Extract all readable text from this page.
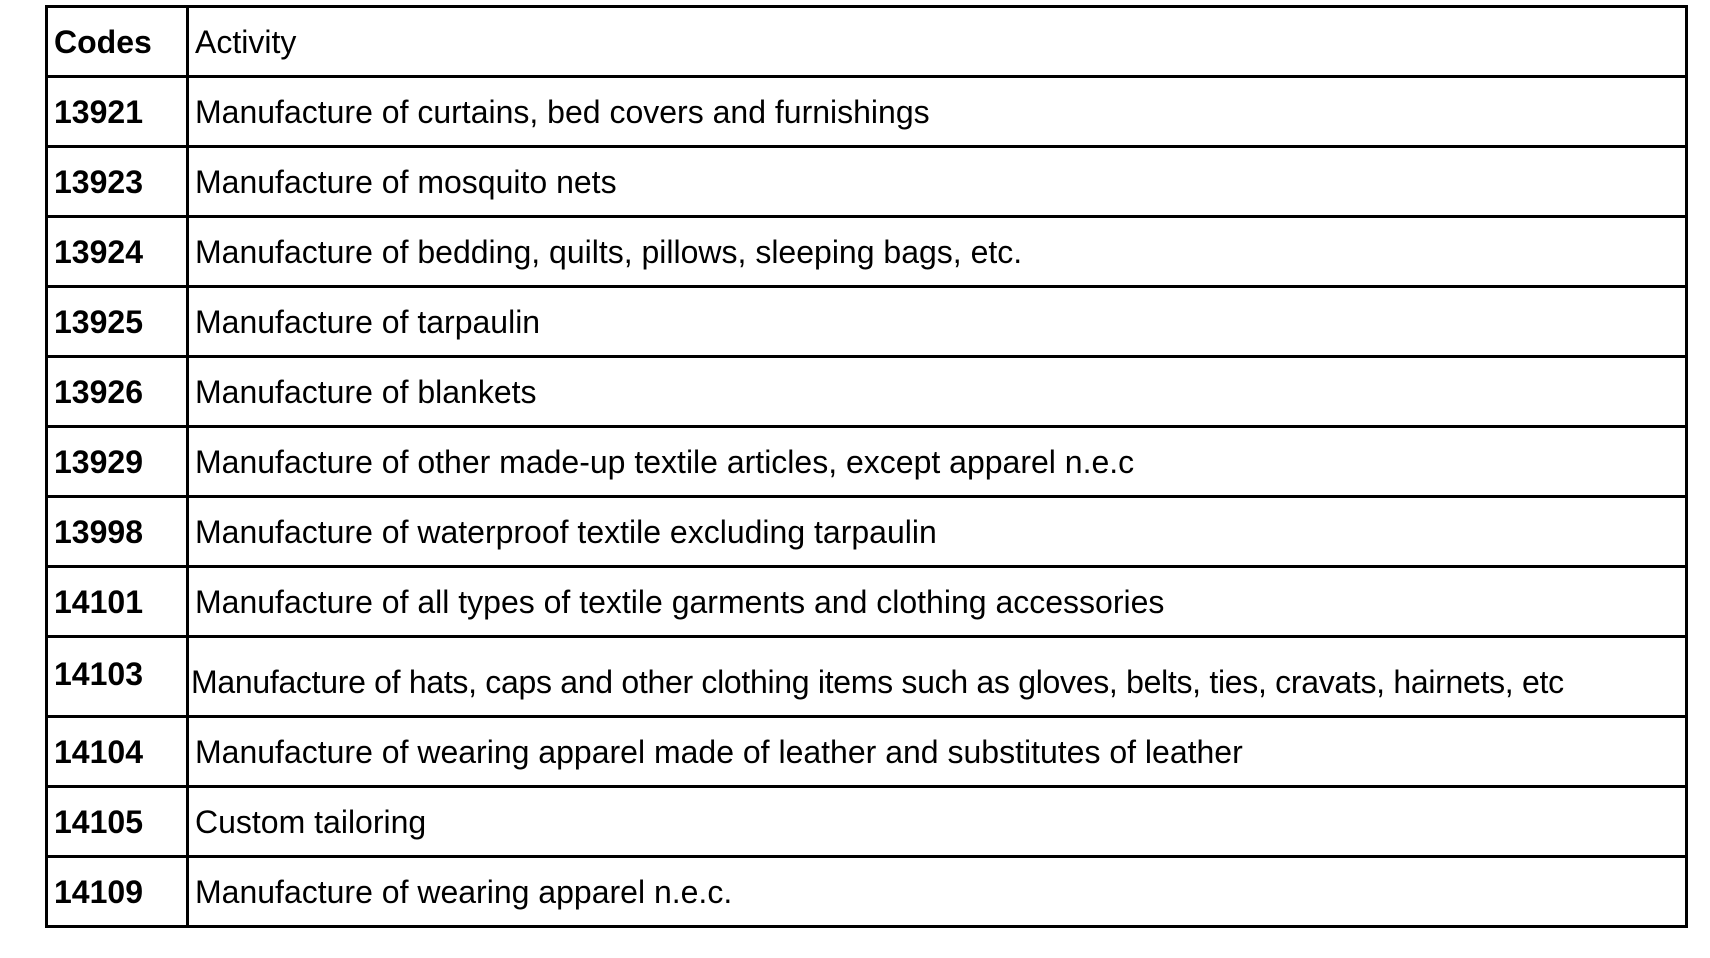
Codes	Activity
13921	Manufacture of curtains, bed covers and furnishings
13923	Manufacture of mosquito nets
13924	Manufacture of bedding, quilts, pillows, sleeping bags, etc.
13925	Manufacture of tarpaulin
13926	Manufacture of blankets
13929	Manufacture of other made-up textile articles, except apparel n.e.c
13998	Manufacture of waterproof textile excluding tarpaulin
14101	Manufacture of all types of textile garments and clothing accessories
14103	Manufacture of hats, caps and other clothing items such as gloves, belts, ties, cravats, hairnets, etc
14104	Manufacture of wearing apparel made of leather and substitutes of leather
14105	Custom tailoring
14109	Manufacture of wearing apparel n.e.c.
